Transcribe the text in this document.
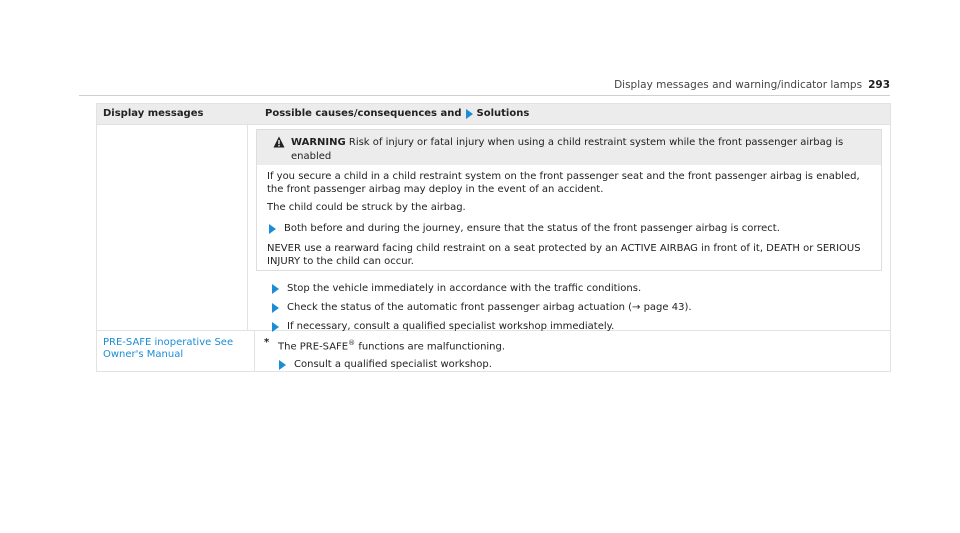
Display messages and warning/indicator lamps 293
Display messages	Possible causes/consequences and Solutions
WARNING Risk of injury or fatal injury when using a child restraint system while the front passenger airbag is enabled

If you secure a child in a child restraint system on the front passenger seat and the front passenger airbag is enabled, the front passenger airbag may deploy in the event of an accident.

The child could be struck by the airbag.

Both before and during the journey, ensure that the status of the front passenger airbag is correct.

NEVER use a rearward facing child restraint on a seat protected by an ACTIVE AIRBAG in front of it, DEATH or SERIOUS INJURY to the child can occur.

Stop the vehicle immediately in accordance with the traffic conditions.
Check the status of the automatic front passenger airbag actuation (→ page 43).
If necessary, consult a qualified specialist workshop immediately.
PRE-SAFE inoperative See Owner's Manual
* The PRE-SAFE® functions are malfunctioning.
Consult a qualified specialist workshop.
